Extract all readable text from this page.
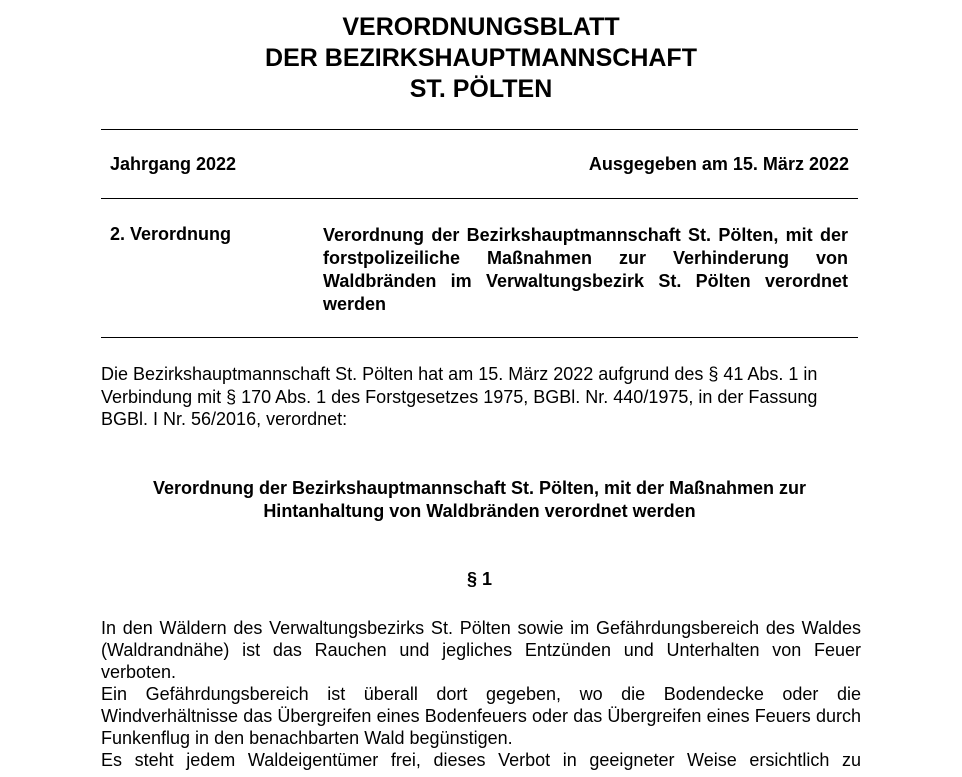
VERORDNUNGSBLATT
DER BEZIRKSHAUPTMANNSCHAFT
ST. PÖLTEN
Jahrgang 2022	Ausgegeben am 15. März 2022
2. Verordnung	Verordnung der Bezirkshauptmannschaft St. Pölten, mit der forstpolizeiliche Maßnahmen zur Verhinderung von Waldbränden im Verwaltungsbezirk St. Pölten verordnet werden
Die Bezirkshauptmannschaft St. Pölten hat am 15. März 2022 aufgrund des § 41 Abs. 1 in Verbindung mit § 170 Abs. 1 des Forstgesetzes 1975, BGBl. Nr. 440/1975, in der Fassung BGBl. I Nr. 56/2016, verordnet:
Verordnung der Bezirkshauptmannschaft St. Pölten, mit der Maßnahmen zur Hintanhaltung von Waldbränden verordnet werden
§ 1

In den Wäldern des Verwaltungsbezirks St. Pölten sowie im Gefährdungsbereich des Waldes (Waldrandnähe) ist das Rauchen und jegliches Entzünden und Unterhalten von Feuer verboten.

Ein Gefährdungsbereich ist überall dort gegeben, wo die Bodendecke oder die Windverhältnisse das Übergreifen eines Bodenfeuers oder das Übergreifen eines Feuers durch Funkenflug in den benachbarten Wald begünstigen.

Es steht jedem Waldeigentümer frei, dieses Verbot in geeigneter Weise ersichtlich zu
